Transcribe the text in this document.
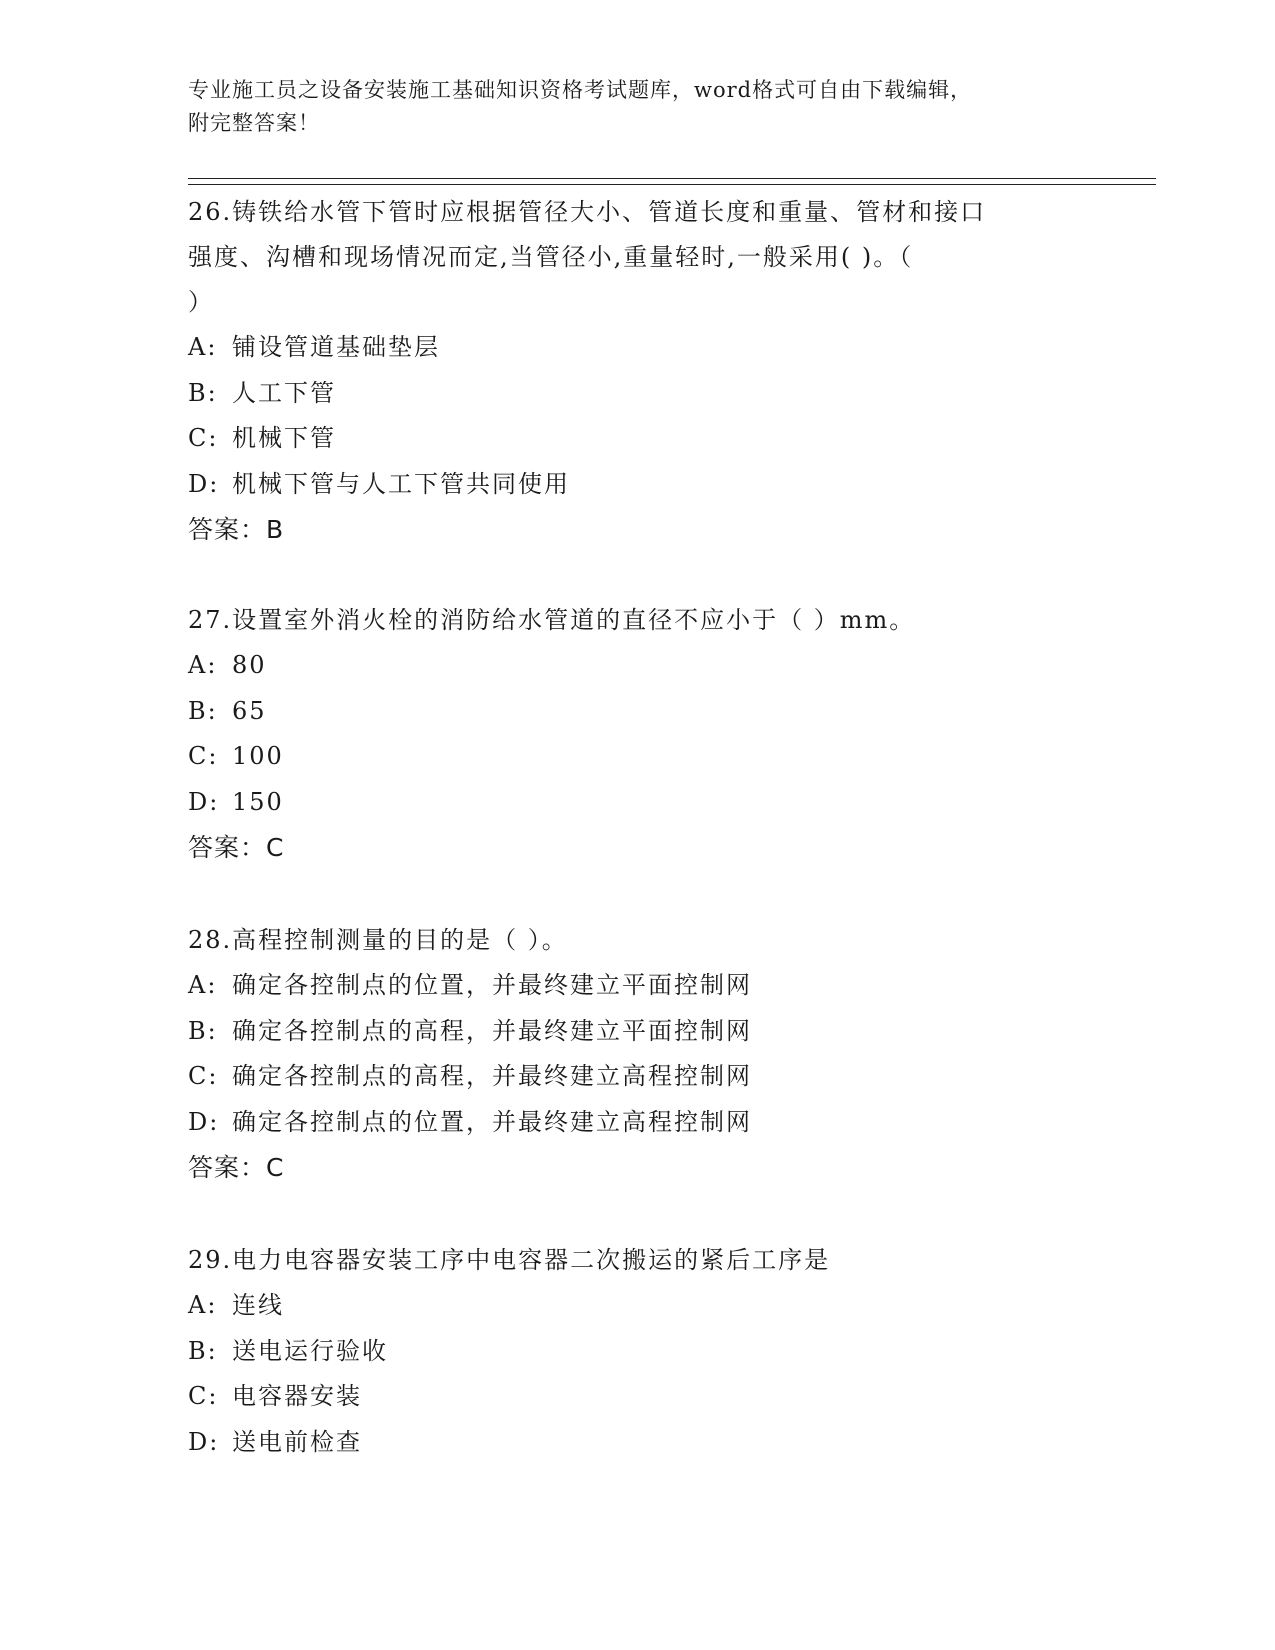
专业施工员之设备安装施工基础知识资格考试题库，word格式可自由下载编辑，
附完整答案！
26.铸铁给水管下管时应根据管径大小、管道长度和重量、管材和接口
强度、沟槽和现场情况而定,当管径小,重量轻时,一般采用( )。（
）
A: 铺设管道基础垫层
B: 人工下管
C: 机械下管
D: 机械下管与人工下管共同使用
答案：B
27.设置室外消火栓的消防给水管道的直径不应小于（ ）mm。
A: 80
B: 65
C: 100
D: 150
答案：C
28.高程控制测量的目的是（ ）。
A: 确定各控制点的位置，并最终建立平面控制网
B: 确定各控制点的高程，并最终建立平面控制网
C: 确定各控制点的高程，并最终建立高程控制网
D: 确定各控制点的位置，并最终建立高程控制网
答案：C
29.电力电容器安装工序中电容器二次搬运的紧后工序是
A: 连线
B: 送电运行验收
C: 电容器安装
D: 送电前检查
